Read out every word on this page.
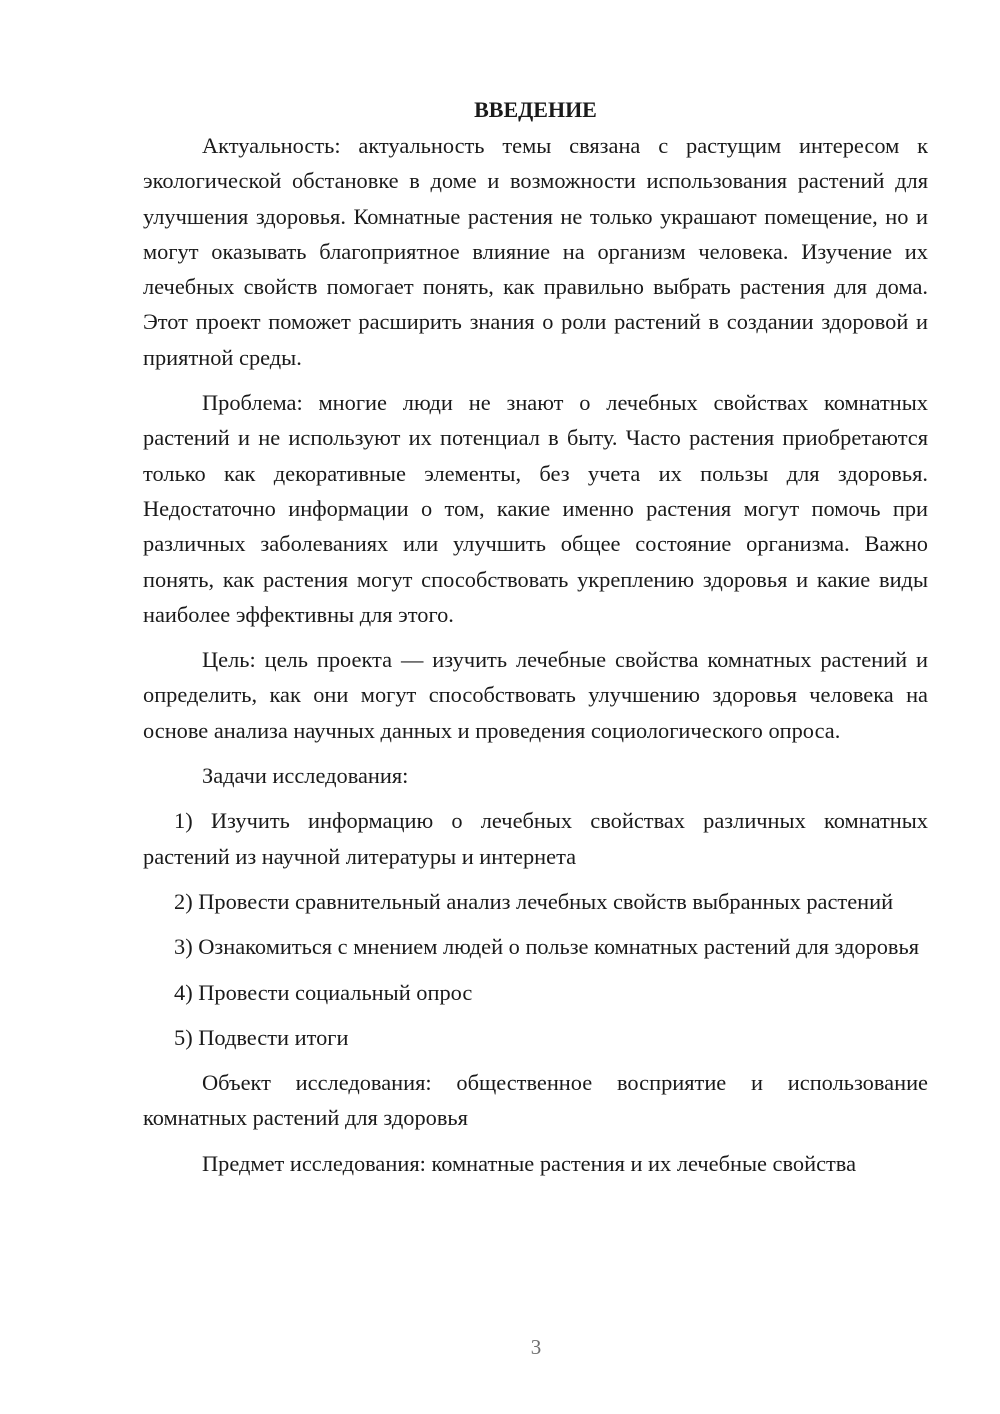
ВВЕДЕНИЕ

Актуальность: актуальность темы связана с растущим интересом к экологической обстановке в доме и возможности использования растений для улучшения здоровья. Комнатные растения не только украшают помещение, но и могут оказывать благоприятное влияние на организм человека. Изучение их лечебных свойств помогает понять, как правильно выбрать растения для дома. Этот проект поможет расширить знания о роли растений в создании здоровой и приятной среды.

Проблема: многие люди не знают о лечебных свойствах комнатных растений и не используют их потенциал в быту. Часто растения приобретаются только как декоративные элементы, без учета их пользы для здоровья. Недостаточно информации о том, какие именно растения могут помочь при различных заболеваниях или улучшить общее состояние организма. Важно понять, как растения могут способствовать укреплению здоровья и какие виды наиболее эффективны для этого.

Цель: цель проекта — изучить лечебные свойства комнатных растений и определить, как они могут способствовать улучшению здоровья человека на основе анализа научных данных и проведения социологического опроса.

Задачи исследования:

1) Изучить информацию о лечебных свойствах различных комнатных растений из научной литературы и интернета

2) Провести сравнительный анализ лечебных свойств выбранных растений

3) Ознакомиться с мнением людей о пользе комнатных растений для здоровья

4) Провести социальный опрос

5) Подвести итоги

Объект исследования: общественное восприятие и использование комнатных растений для здоровья

Предмет исследования: комнатные растения и их лечебные свойства

3
